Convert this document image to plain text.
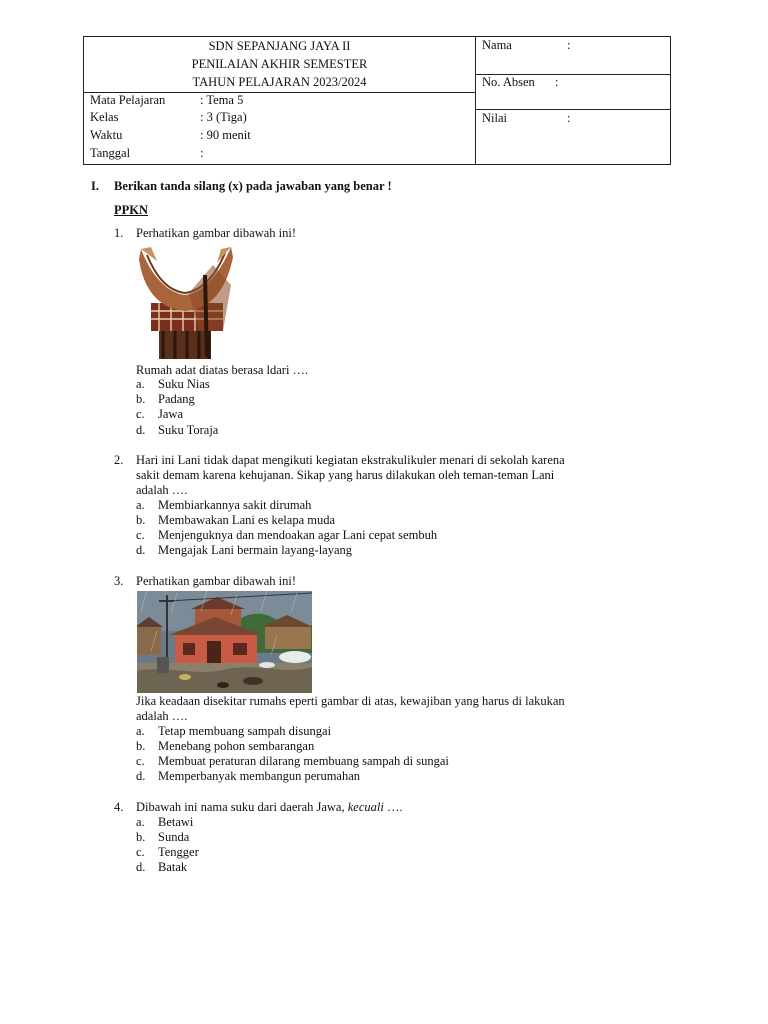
SDN SEPANJANG JAYA II
PENILAIAN AKHIR SEMESTER
TAHUN PELAJARAN 2023/2024
Mata Pelajaran	: Tema 5
Kelas	: 3 (Tiga)
Waktu	: 90 menit
Tanggal	:
Nama	:
No. Absen :
Nilai	:
I. Berikan tanda silang (x) pada jawaban yang benar !
PPKN
1. Perhatikan gambar dibawah ini!
Rumah adat diatas berasa ldari ….
a. Suku Nias
b. Padang
c. Jawa
d. Suku Toraja
2. Hari ini Lani tidak dapat mengikuti kegiatan ekstrakulikuler menari di sekolah karena
sakit demam karena kehujanan. Sikap yang harus dilakukan oleh teman-teman Lani
adalah ….
a. Membiarkannya sakit dirumah
b. Membawakan Lani es kelapa muda
c. Menjenguknya dan mendoakan agar Lani cepat sembuh
d. Mengajak Lani bermain layang-layang
3. Perhatikan gambar dibawah ini!
Jika keadaan disekitar rumahs eperti gambar di atas, kewajiban yang harus di lakukan
adalah ….
a. Tetap membuang sampah disungai
b. Menebang pohon sembarangan
c. Membuat peraturan dilarang membuang sampah di sungai
d. Memperbanyak membangun perumahan
4. Dibawah ini nama suku dari daerah Jawa, kecuali ….
a. Betawi
b. Sunda
c. Tengger
d. Batak
